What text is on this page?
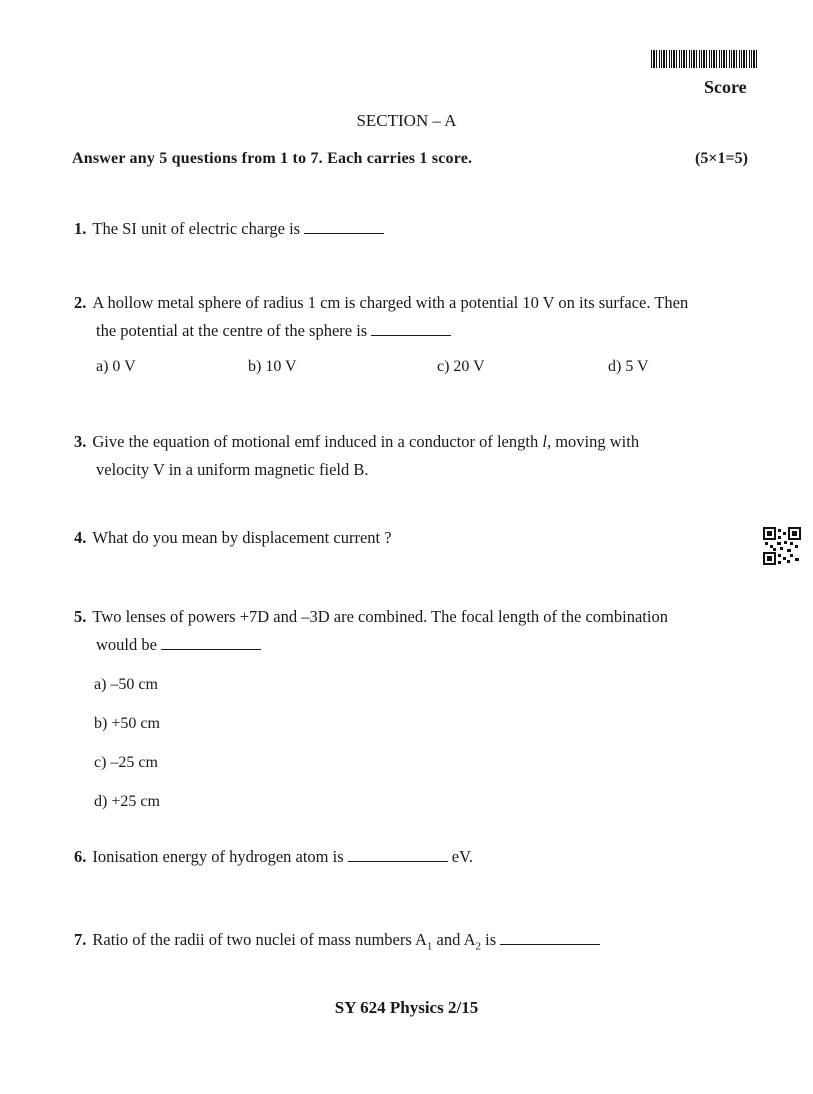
Score
SECTION – A
Answer any 5 questions from 1 to 7. Each carries 1 score.	(5×1=5)
1. The SI unit of electric charge is
2. A hollow metal sphere of radius 1 cm is charged with a potential 10 V on its surface. Then
the potential at the centre of the sphere is
a) 0 V	b) 10 V	c) 20 V	d) 5 V
3. Give the equation of motional emf induced in a conductor of length l, moving with
velocity V in a uniform magnetic field B.
4. What do you mean by displacement current ?
5. Two lenses of powers +7D and –3D are combined. The focal length of the combination
would be
a) –50 cm
b) +50 cm
c) –25 cm
d) +25 cm
6. Ionisation energy of hydrogen atom is	eV.
7. Ratio of the radii of two nuclei of mass numbers $A_1$ and $A_2$ is
SY 624 Physics 2/15
